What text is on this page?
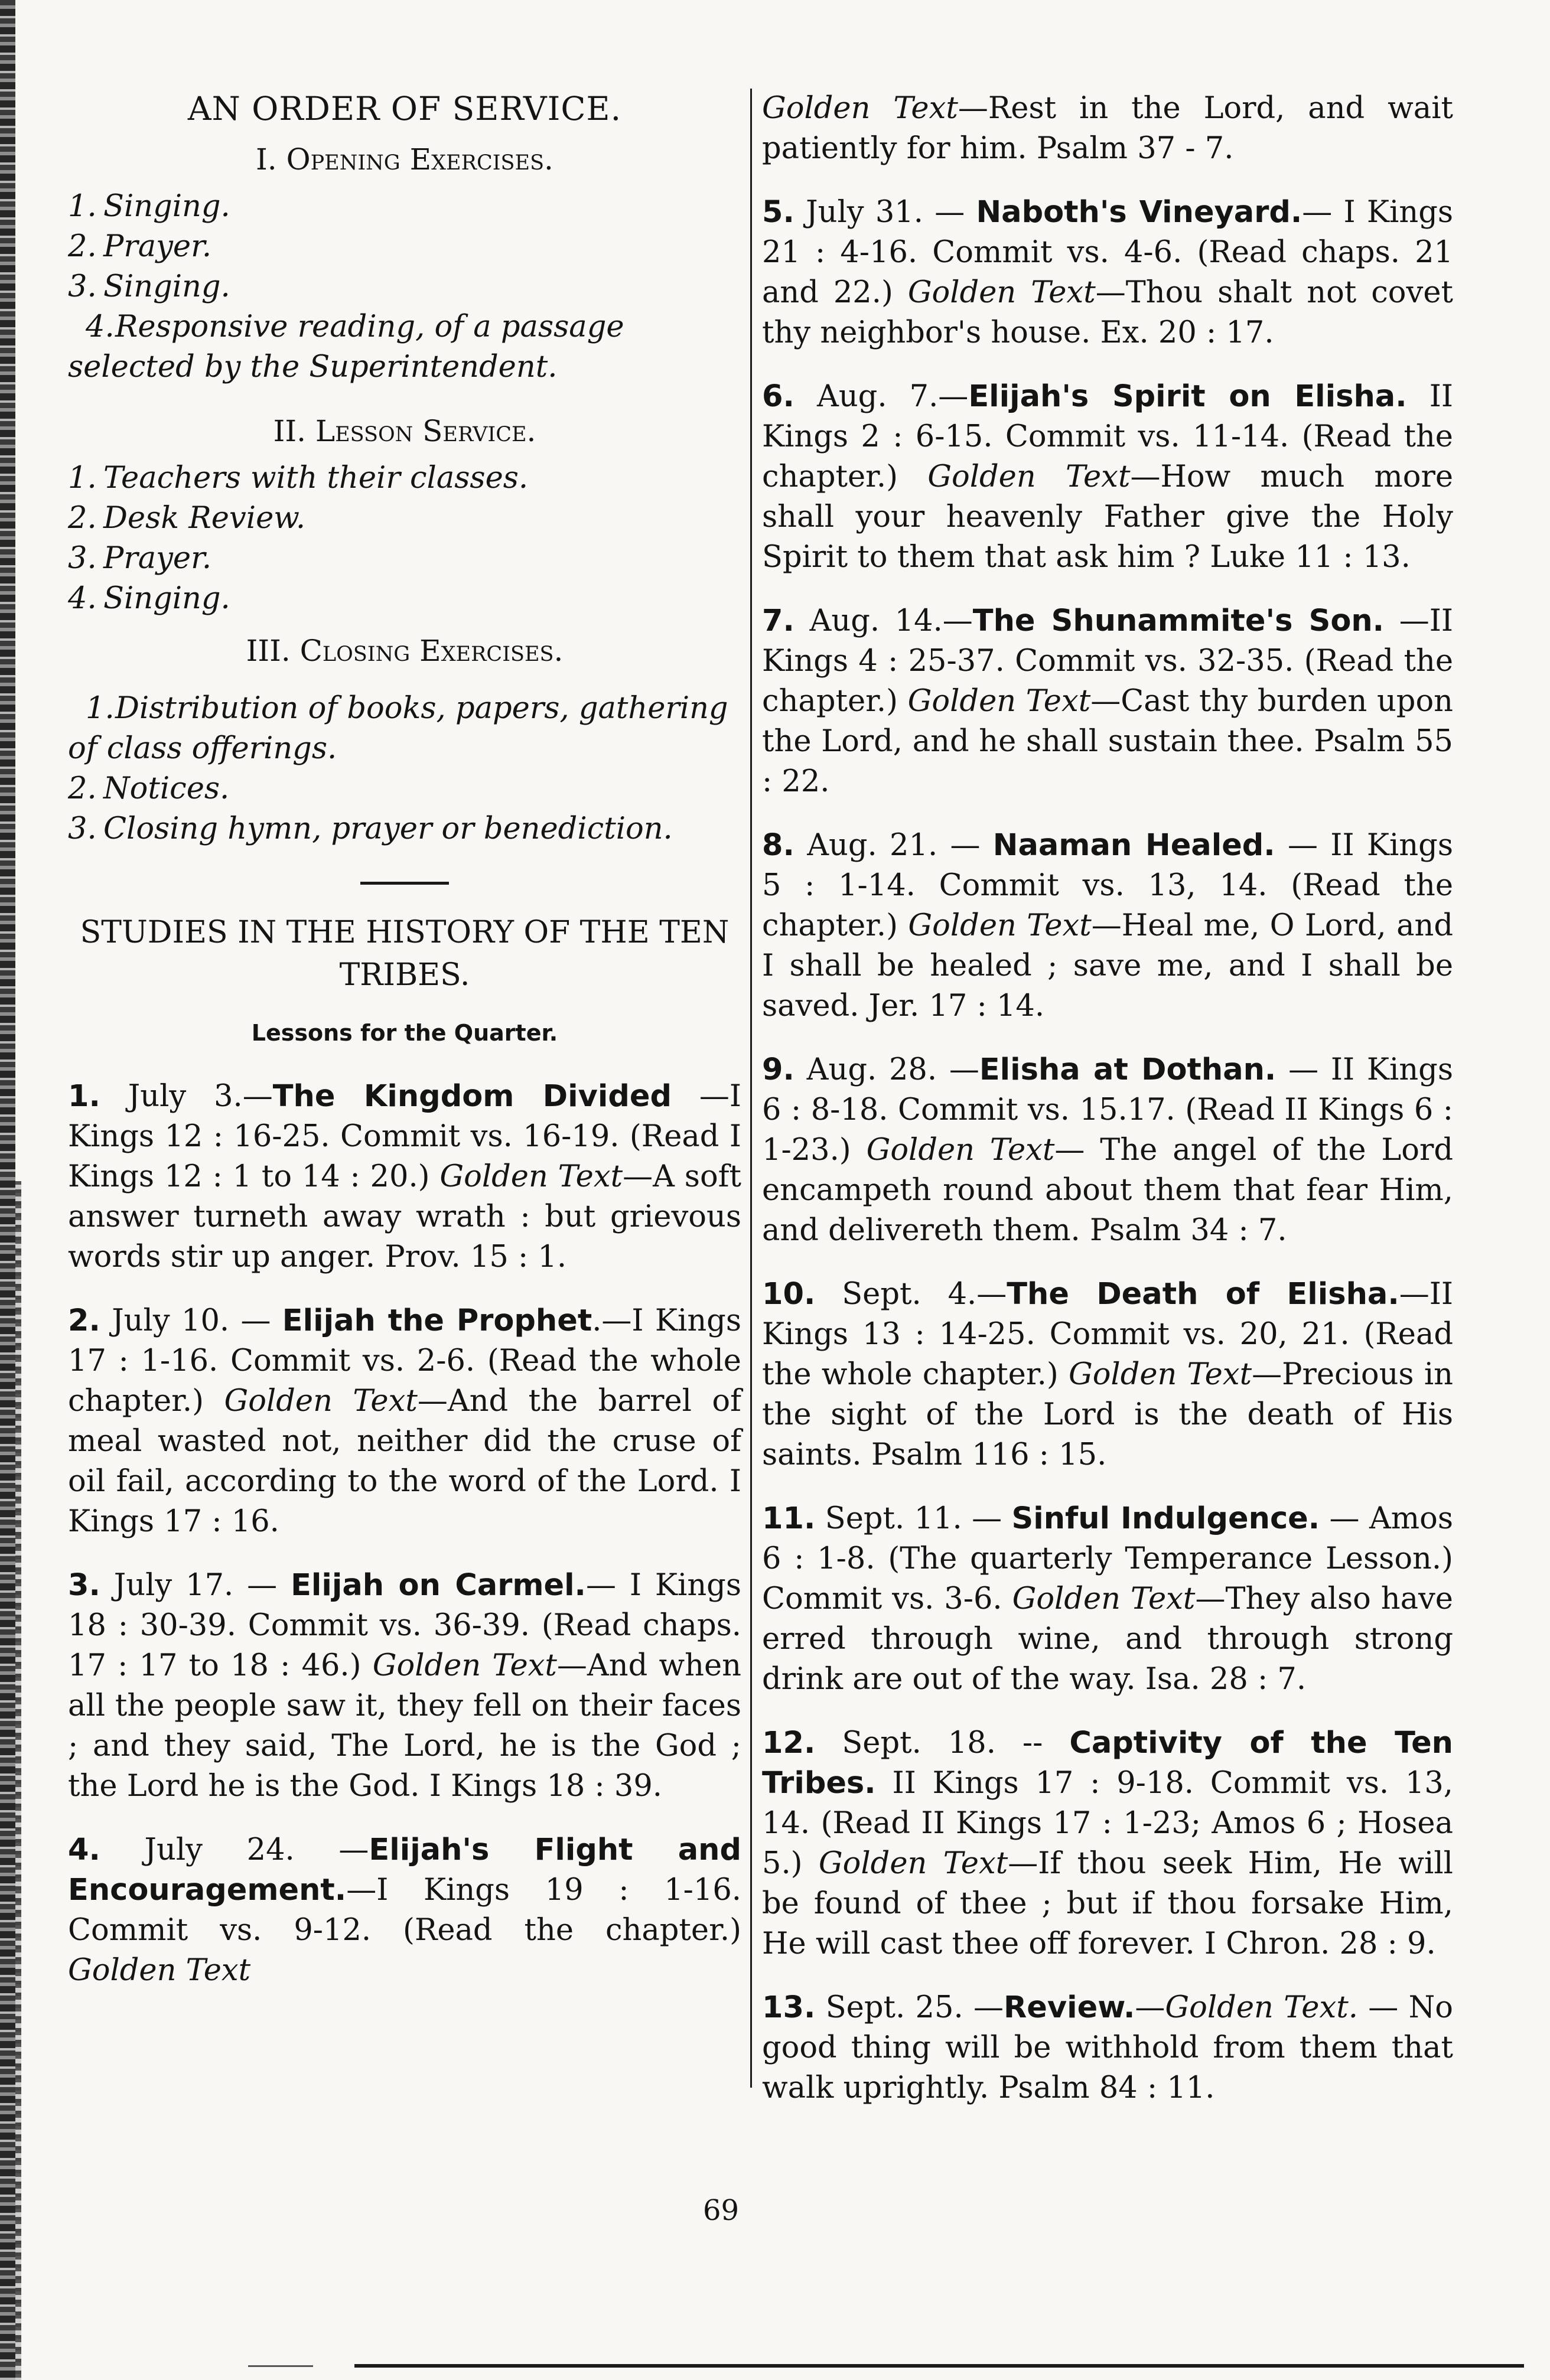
AN ORDER OF SERVICE.
I. Opening Exercises.

1. Singing.

2. Prayer.

3. Singing.

4.Responsive reading, of a passage selected by the Superintendent.

II. Lesson Service.

1. Teachers with their classes.

2. Desk Review.

3. Prayer.

4. Singing.

III. Closing Exercises.

1.Distribution of books, papers, gathering of class offerings.

2. Notices.

3. Closing hymn, prayer or benediction.

STUDIES IN THE HISTORY OF THE TEN TRIBES.
Lessons for the Quarter.

1. July 3.—The Kingdom Divided —I Kings 12 : 16-25. Commit vs. 16-19. (Read I Kings 12 : 1 to 14 : 20.) Golden Text—A soft answer turneth away wrath : but grievous words stir up anger. Prov. 15 : 1.

2. July 10. — Elijah the Prophet.—I Kings 17 : 1-16. Commit vs. 2-6. (Read the whole chapter.) Golden Text—And the barrel of meal wasted not, neither did the cruse of oil fail, according to the word of the Lord. I Kings 17 : 16.

3. July 17. — Elijah on Carmel.— I Kings 18 : 30-39. Commit vs. 36-39. (Read chaps. 17 : 17 to 18 : 46.) Golden Text—And when all the people saw it, they fell on their faces ; and they said, The Lord, he is the God ; the Lord he is the God. I Kings 18 : 39.

4. July 24. —Elijah's Flight and Encouragement.—I Kings 19 : 1-16. Commit vs. 9-12. (Read the chapter.) Golden Text

Golden Text—Rest in the Lord, and wait patiently for him. Psalm 37 - 7.

5. July 31. — Naboth's Vineyard.— I Kings 21 : 4-16. Commit vs. 4-6. (Read chaps. 21 and 22.) Golden Text—Thou shalt not covet thy neighbor's house. Ex. 20 : 17.

6. Aug. 7.—Elijah's Spirit on Elisha. II Kings 2 : 6-15. Commit vs. 11-14. (Read the chapter.) Golden Text—How much more shall your heavenly Father give the Holy Spirit to them that ask him ? Luke 11 : 13.

7. Aug. 14.—The Shunammite's Son. —II Kings 4 : 25-37. Commit vs. 32-35. (Read the chapter.) Golden Text—Cast thy burden upon the Lord, and he shall sustain thee. Psalm 55 : 22.

8. Aug. 21. — Naaman Healed. — II Kings 5 : 1-14. Commit vs. 13, 14. (Read the chapter.) Golden Text—Heal me, O Lord, and I shall be healed ; save me, and I shall be saved. Jer. 17 : 14.

9. Aug. 28. —Elisha at Dothan. — II Kings 6 : 8-18. Commit vs. 15.17. (Read II Kings 6 : 1-23.) Golden Text— The angel of the Lord encampeth round about them that fear Him, and delivereth them. Psalm 34 : 7.

10. Sept. 4.—The Death of Elisha.—II Kings 13 : 14-25. Commit vs. 20, 21. (Read the whole chapter.) Golden Text—Precious in the sight of the Lord is the death of His saints. Psalm 116 : 15.

11. Sept. 11. — Sinful Indulgence. — Amos 6 : 1-8. (The quarterly Temperance Lesson.) Commit vs. 3-6. Golden Text—They also have erred through wine, and through strong drink are out of the way. Isa. 28 : 7.

12. Sept. 18. -- Captivity of the Ten Tribes. II Kings 17 : 9-18. Commit vs. 13, 14. (Read II Kings 17 : 1-23; Amos 6 ; Hosea 5.) Golden Text—If thou seek Him, He will be found of thee ; but if thou forsake Him, He will cast thee off forever. I Chron. 28 : 9.

13. Sept. 25. —Review.—Golden Text. — No good thing will be withhold from them that walk uprightly. Psalm 84 : 11.

69
